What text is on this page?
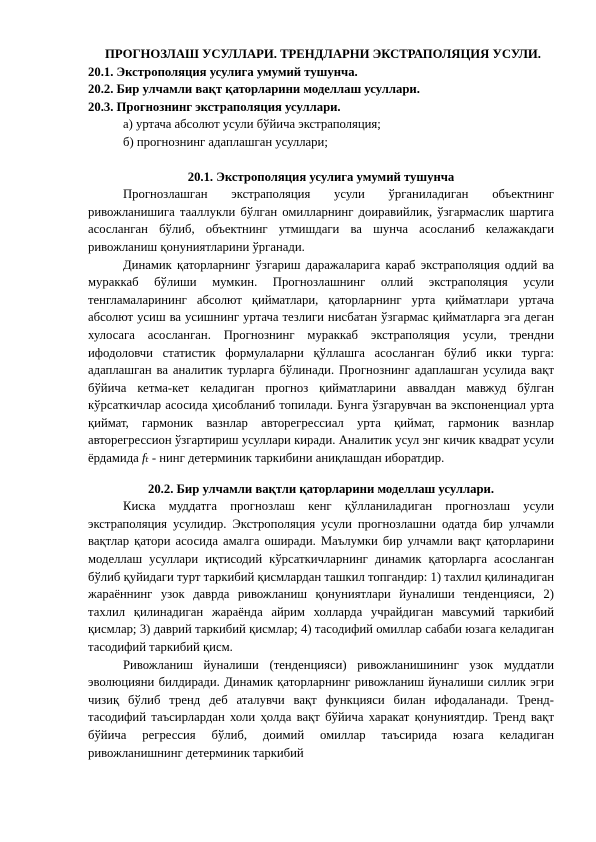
ПРОГНОЗЛАШ УСУЛЛАРИ. ТРЕНДЛАРНИ ЭКСТРАПОЛЯЦИЯ УСУЛИ.

20.1. Экстрополяция усулига умумий тушунча.

20.2. Бир улчамли вақт қаторларини моделлаш усуллари.

20.3. Прогнознинг экстраполяция усуллари.

а) уртача абсолют усули бўйича экстраполяция;

б) прогнознинг адаплашган усуллари;

20.1. Экстрополяция усулига умумий тушунча

Прогнозлашган экстраполяция усули ўрганиладиган объектнинг ривожланишига тааллукли бўлган омилларнинг доиравийлик, ўзгармаслик шартига асосланган бўлиб, объектнинг утмишдаги ва шунча асосланиб келажакдаги ривожланиш қонуниятларини ўрганади.

Динамик қаторларнинг ўзгариш даражаларига караб экстраполяция оддий ва мураккаб бўлиши мумкин. Прогнозлашнинг оллий экстраполяция усули тенгламаларининг абсолют қийматлари, қаторларнинг урта қийматлари уртача абсолют усиш ва усишнинг уртача тезлиги нисбатан ўзгармас қийматларга эга деган хулосага асосланган. Прогнознинг мураккаб экстраполяция усули, трендни ифодоловчи статистик формулаларни қўллашга асосланган бўлиб икки турга: адаплашган ва аналитик турларга бўлинади. Прогнознинг адаплашган усулида вақт бўйича кетма-кет келадиган прогноз қийматларини аввалдан мавжуд бўлган кўрсаткичлар асосида ҳисобланиб топилади. Бунга ўзгарувчан ва экспоненциал урта қиймат, гармоник вазнлар авторегрессиал урта қиймат, гармоник вазнлар авторегрессион ўзгартириш усуллари киради. Аналитик усул энг кичик квадрат усули ёрдамида fₜ - нинг детерминик таркибини аниқлашдан иборатдир.

20.2. Бир улчамли вақтли қаторларини моделлаш усуллари.

Киска муддатга прогнозлаш кенг қўлланиладиган прогнозлаш усули экстраполяция усулидир. Экстрополяция усули прогнозлашни одатда бир улчамли вақтлар қатори асосида амалга оширади. Маълумки бир улчамли вақт қаторларини моделлаш усуллари иқтисодий кўрсаткичларнинг динамик қаторларга асосланган бўлиб қуйидаги турт таркибий қисмлардан ташкил топгандир: 1) тахлил қилинадиган жараённинг узок даврда ривожланиш қонуниятлари йуналиши тенденцияси, 2) тахлил қилинадиган жараёнда айрим холларда учрайдиган мавсумий таркибий қисмлар; 3) даврий таркибий қисмлар; 4) тасодифий омиллар сабаби юзага келадиган тасодифий таркибий қисм.

Ривожланиш йуналиши (тенденцияси) ривожланишининг узок муддатли эволюцияни билдиради. Динамик қаторларнинг ривожланиш йуналиши силлик эгри чизиқ бўлиб тренд деб аталувчи вақт функцияси билан ифодаланади. Тренд-тасодифий таъсирлардан холи ҳолда вақт бўйича харакат қонуниятдир. Тренд вақт бўйича регрессия бўлиб, доимий омиллар таъсирида юзага келадиган ривожланишнинг детерминик таркибий
